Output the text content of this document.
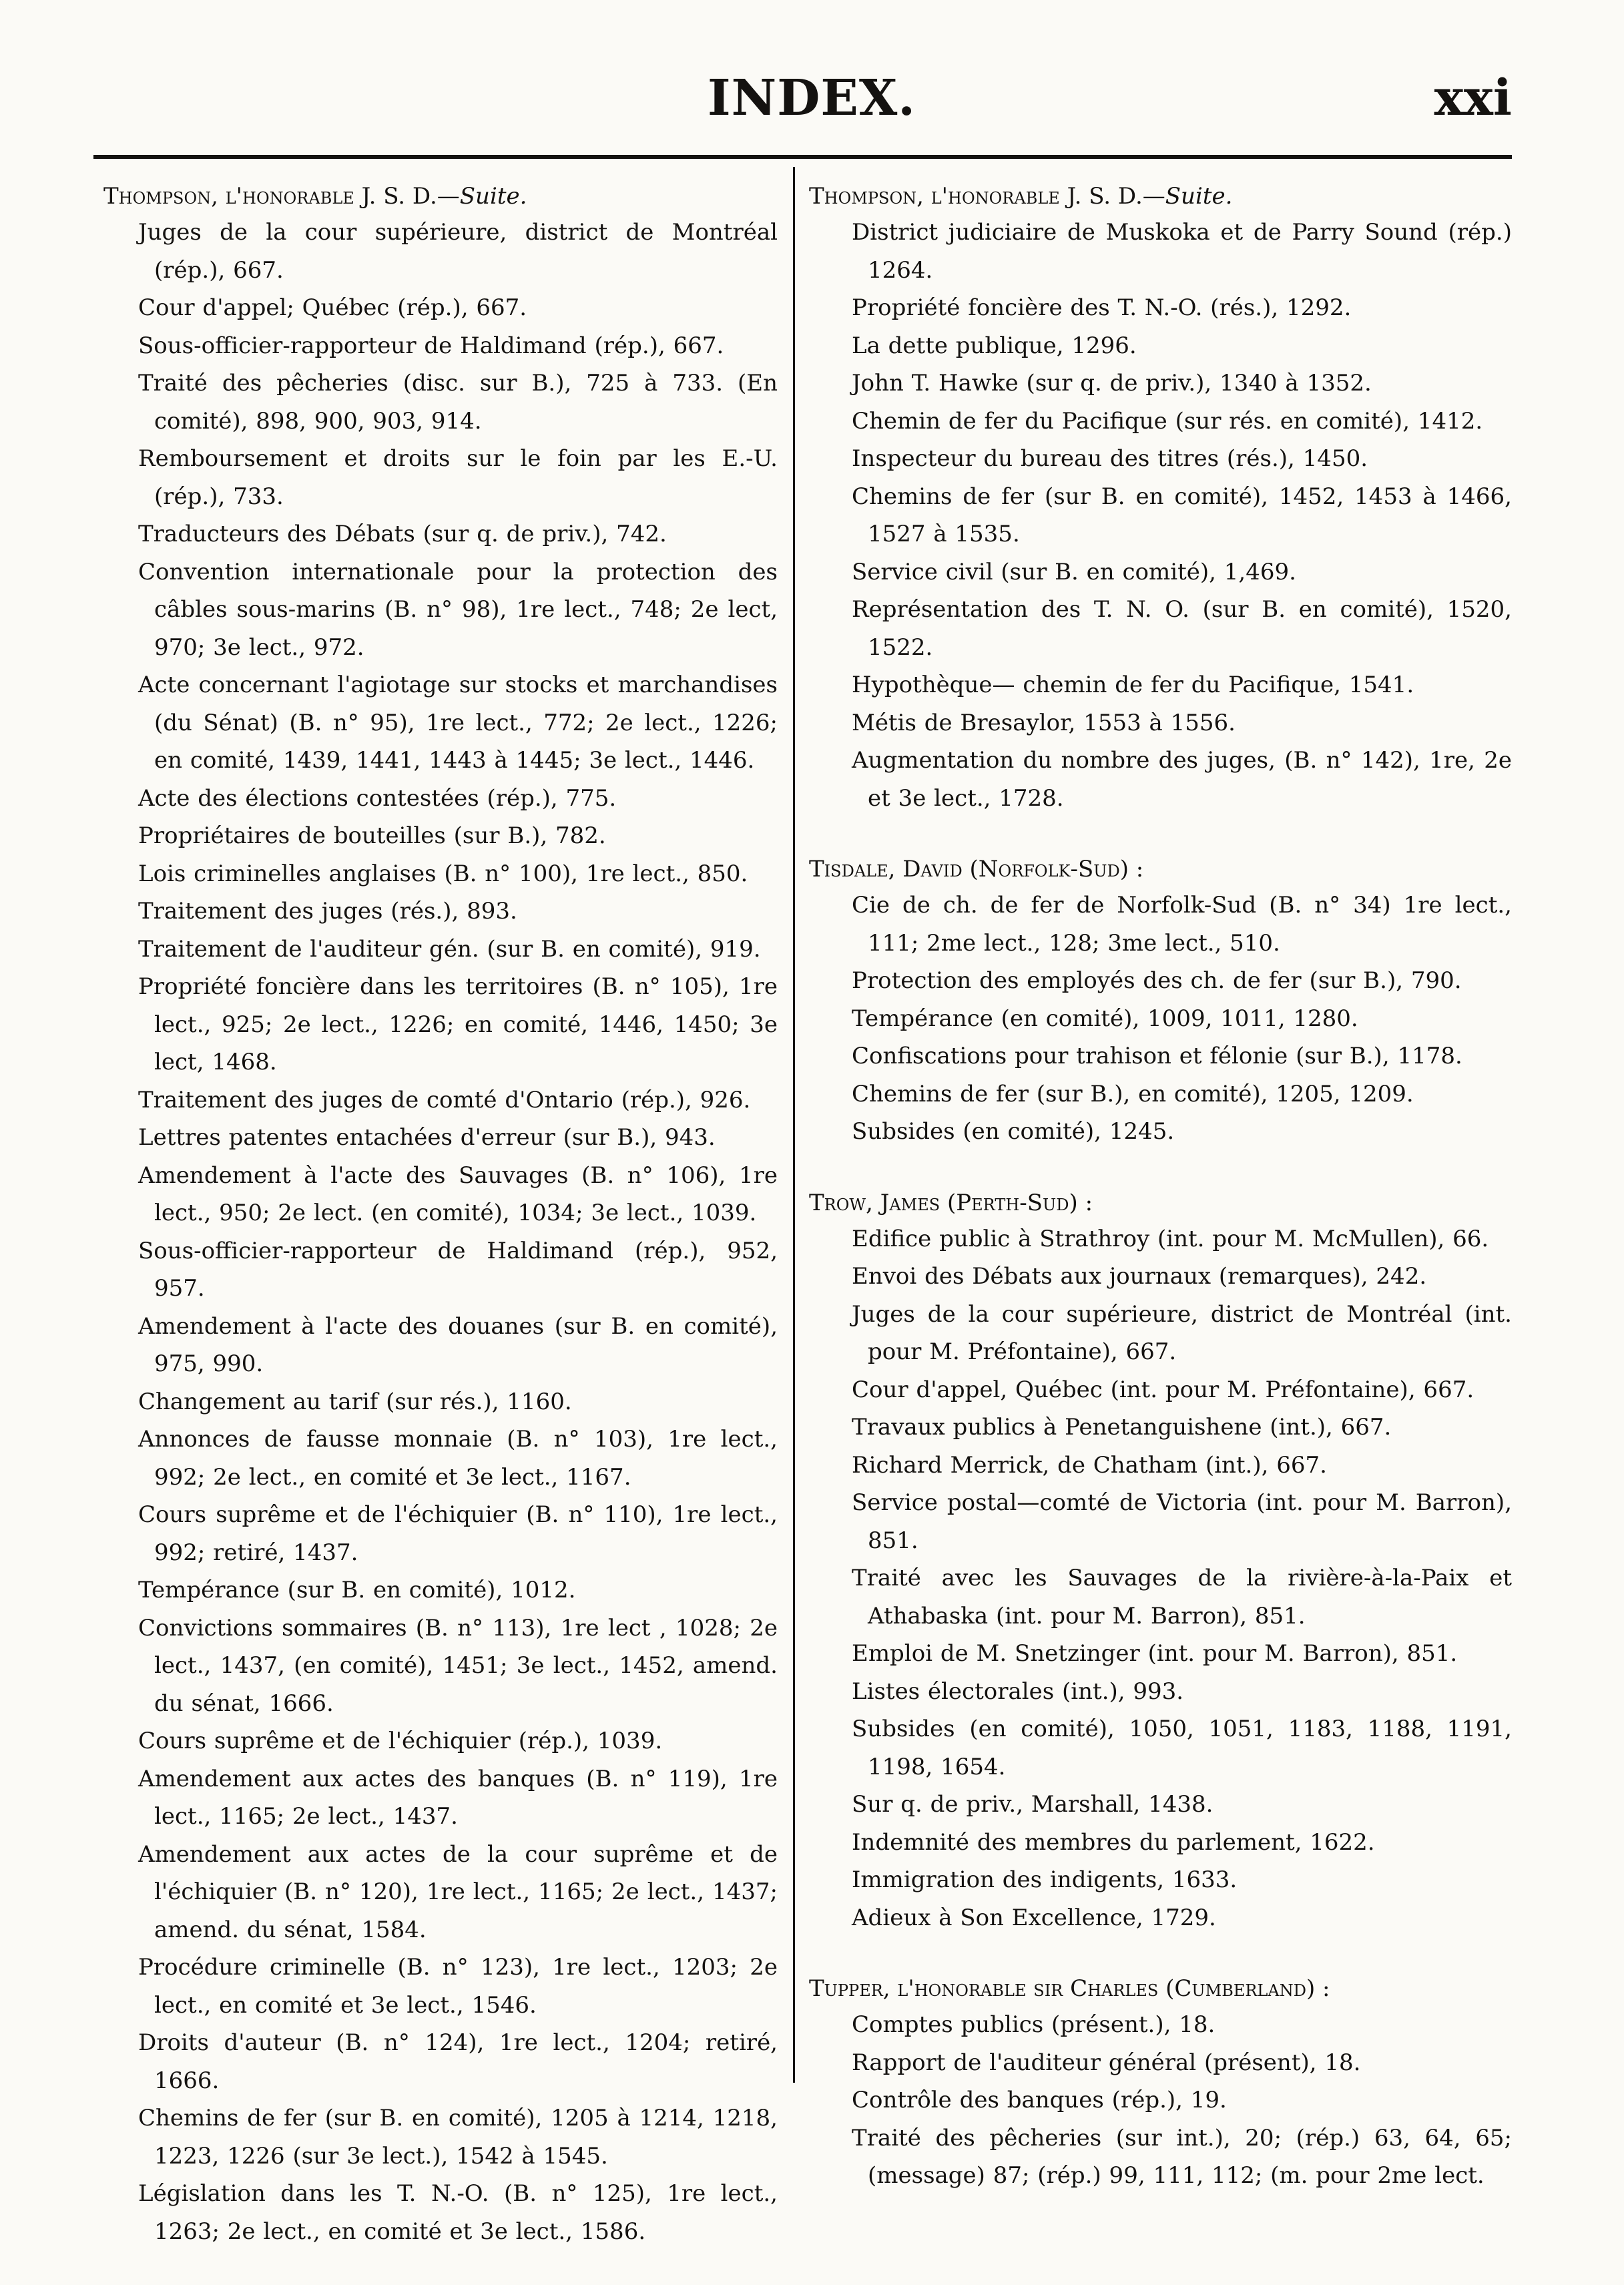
INDEX.	xxi
Thompson, l'honorable J. S. D.—Suite.
Juges de la cour supérieure, district de Montréal (rép.), 667.
Cour d'appel; Québec (rép.), 667.
Sous-officier-rapporteur de Haldimand (rép.), 667.
Traité des pêcheries (disc. sur B.), 725 à 733. (En comité), 898, 900, 903, 914.
Remboursement et droits sur le foin par les E.-U. (rép.), 733.
Traducteurs des Débats (sur q. de priv.), 742.
Convention internationale pour la protection des câbles sous-marins (B. n° 98), 1re lect., 748; 2e lect, 970; 3e lect., 972.
Acte concernant l'agiotage sur stocks et marchandises (du Sénat) (B. n° 95), 1re lect., 772; 2e lect., 1226; en comité, 1439, 1441, 1443 à 1445; 3e lect., 1446.
Acte des élections contestées (rép.), 775.
Propriétaires de bouteilles (sur B.), 782.
Lois criminelles anglaises (B. n° 100), 1re lect., 850.
Traitement des juges (rés.), 893.
Traitement de l'auditeur gén. (sur B. en comité), 919.
Propriété foncière dans les territoires (B. n° 105), 1re lect., 925; 2e lect., 1226; en comité, 1446, 1450; 3e lect, 1468.
Traitement des juges de comté d'Ontario (rép.), 926.
Lettres patentes entachées d'erreur (sur B.), 943.
Amendement à l'acte des Sauvages (B. n° 106), 1re lect., 950; 2e lect. (en comité), 1034; 3e lect., 1039.
Sous-officier-rapporteur de Haldimand (rép.), 952, 957.
Amendement à l'acte des douanes (sur B. en comité), 975, 990.
Changement au tarif (sur rés.), 1160.
Annonces de fausse monnaie (B. n° 103), 1re lect., 992; 2e lect., en comité et 3e lect., 1167.
Cours suprême et de l'échiquier (B. n° 110), 1re lect., 992; retiré, 1437.
Tempérance (sur B. en comité), 1012.
Convictions sommaires (B. n° 113), 1re lect , 1028; 2e lect., 1437, (en comité), 1451; 3e lect., 1452, amend. du sénat, 1666.
Cours suprême et de l'échiquier (rép.), 1039.
Amendement aux actes des banques (B. n° 119), 1re lect., 1165; 2e lect., 1437.
Amendement aux actes de la cour suprême et de l'échiquier (B. n° 120), 1re lect., 1165; 2e lect., 1437; amend. du sénat, 1584.
Procédure criminelle (B. n° 123), 1re lect., 1203; 2e lect., en comité et 3e lect., 1546.
Droits d'auteur (B. n° 124), 1re lect., 1204; retiré, 1666.
Chemins de fer (sur B. en comité), 1205 à 1214, 1218, 1223, 1226 (sur 3e lect.), 1542 à 1545.
Législation dans les T. N.-O. (B. n° 125), 1re lect., 1263; 2e lect., en comité et 3e lect., 1586.
Thompson, l'honorable J. S. D.—Suite.
District judiciaire de Muskoka et de Parry Sound (rép.) 1264.
Propriété foncière des T. N.-O. (rés.), 1292.
La dette publique, 1296.
John T. Hawke (sur q. de priv.), 1340 à 1352.
Chemin de fer du Pacifique (sur rés. en comité), 1412.
Inspecteur du bureau des titres (rés.), 1450.
Chemins de fer (sur B. en comité), 1452, 1453 à 1466, 1527 à 1535.
Service civil (sur B. en comité), 1,469.
Représentation des T. N. O. (sur B. en comité), 1520, 1522.
Hypothèque— chemin de fer du Pacifique, 1541.
Métis de Bresaylor, 1553 à 1556.
Augmentation du nombre des juges, (B. n° 142), 1re, 2e et 3e lect., 1728.
Tisdale, David (Norfolk-Sud) :
Cie de ch. de fer de Norfolk-Sud (B. n° 34) 1re lect., 111; 2me lect., 128; 3me lect., 510.
Protection des employés des ch. de fer (sur B.), 790.
Tempérance (en comité), 1009, 1011, 1280.
Confiscations pour trahison et félonie (sur B.), 1178.
Chemins de fer (sur B.), en comité), 1205, 1209.
Subsides (en comité), 1245.
Trow, James (Perth-Sud) :
Edifice public à Strathroy (int. pour M. McMullen), 66.
Envoi des Débats aux journaux (remarques), 242.
Juges de la cour supérieure, district de Montréal (int. pour M. Préfontaine), 667.
Cour d'appel, Québec (int. pour M. Préfontaine), 667.
Travaux publics à Penetanguishene (int.), 667.
Richard Merrick, de Chatham (int.), 667.
Service postal—comté de Victoria (int. pour M. Barron), 851.
Traité avec les Sauvages de la rivière-à-la-Paix et Athabaska (int. pour M. Barron), 851.
Emploi de M. Snetzinger (int. pour M. Barron), 851.
Listes électorales (int.), 993.
Subsides (en comité), 1050, 1051, 1183, 1188, 1191, 1198, 1654.
Sur q. de priv., Marshall, 1438.
Indemnité des membres du parlement, 1622.
Immigration des indigents, 1633.
Adieux à Son Excellence, 1729.
Tupper, l'honorable sir Charles (Cumberland) :
Comptes publics (présent.), 18.
Rapport de l'auditeur général (présent), 18.
Contrôle des banques (rép.), 19.
Traité des pêcheries (sur int.), 20; (rép.) 63, 64, 65; (message) 87; (rép.) 99, 111, 112; (m. pour 2me lect.
